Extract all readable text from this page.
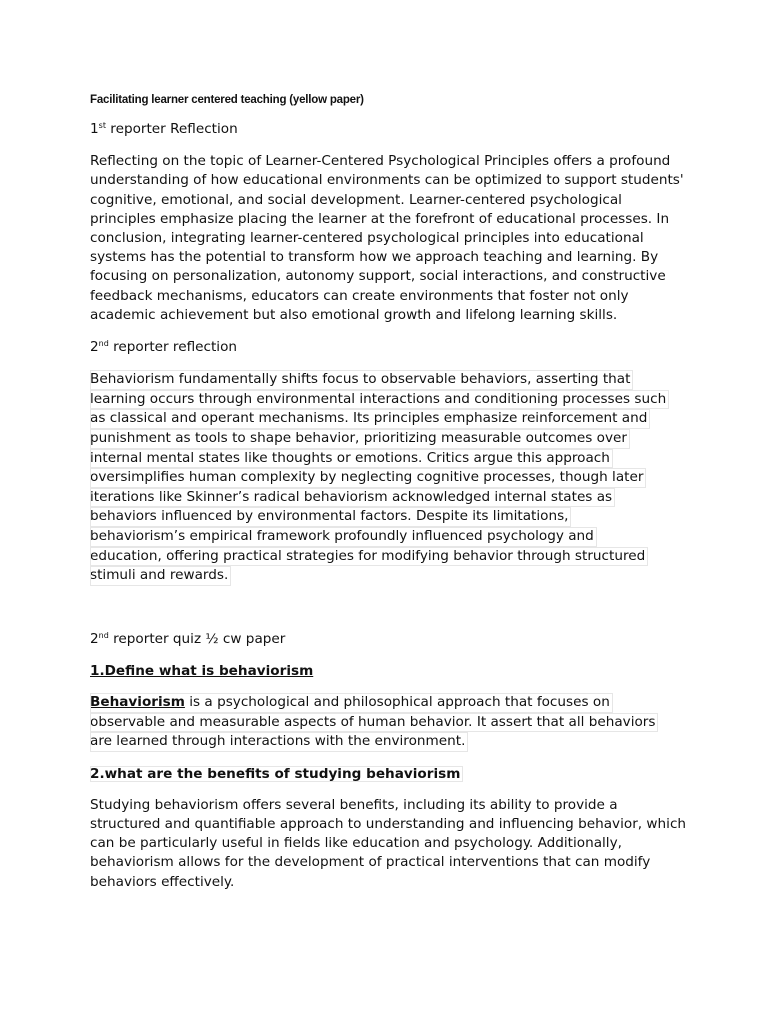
Facilitating learner centered teaching (yellow paper)

1st reporter Reflection

Reflecting on the topic of Learner-Centered Psychological Principles offers a profound understanding of how educational environments can be optimized to support students' cognitive, emotional, and social development. Learner-centered psychological principles emphasize placing the learner at the forefront of educational processes. In conclusion, integrating learner-centered psychological principles into educational systems has the potential to transform how we approach teaching and learning. By focusing on personalization, autonomy support, social interactions, and constructive feedback mechanisms, educators can create environments that foster not only academic achievement but also emotional growth and lifelong learning skills.

2nd reporter reflection

Behaviorism fundamentally shifts focus to observable behaviors, asserting that
learning occurs through environmental interactions and conditioning processes such
as classical and operant mechanisms. Its principles emphasize reinforcement and
punishment as tools to shape behavior, prioritizing measurable outcomes over
internal mental states like thoughts or emotions. Critics argue this approach
oversimplifies human complexity by neglecting cognitive processes, though later
iterations like Skinner’s radical behaviorism acknowledged internal states as
behaviors influenced by environmental factors. Despite its limitations,
behaviorism’s empirical framework profoundly influenced psychology and
education, offering practical strategies for modifying behavior through structured
stimuli and rewards.

2nd reporter quiz ½ cw paper

1.Define what is behaviorism

Behaviorism is a psychological and philosophical approach that focuses on
observable and measurable aspects of human behavior. It assert that all behaviors
are learned through interactions with the environment.

2.what are the benefits of studying behaviorism

Studying behaviorism offers several benefits, including its ability to provide a structured and quantifiable approach to understanding and influencing behavior, which can be particularly useful in fields like education and psychology. Additionally, behaviorism allows for the development of practical interventions that can modify behaviors effectively.
